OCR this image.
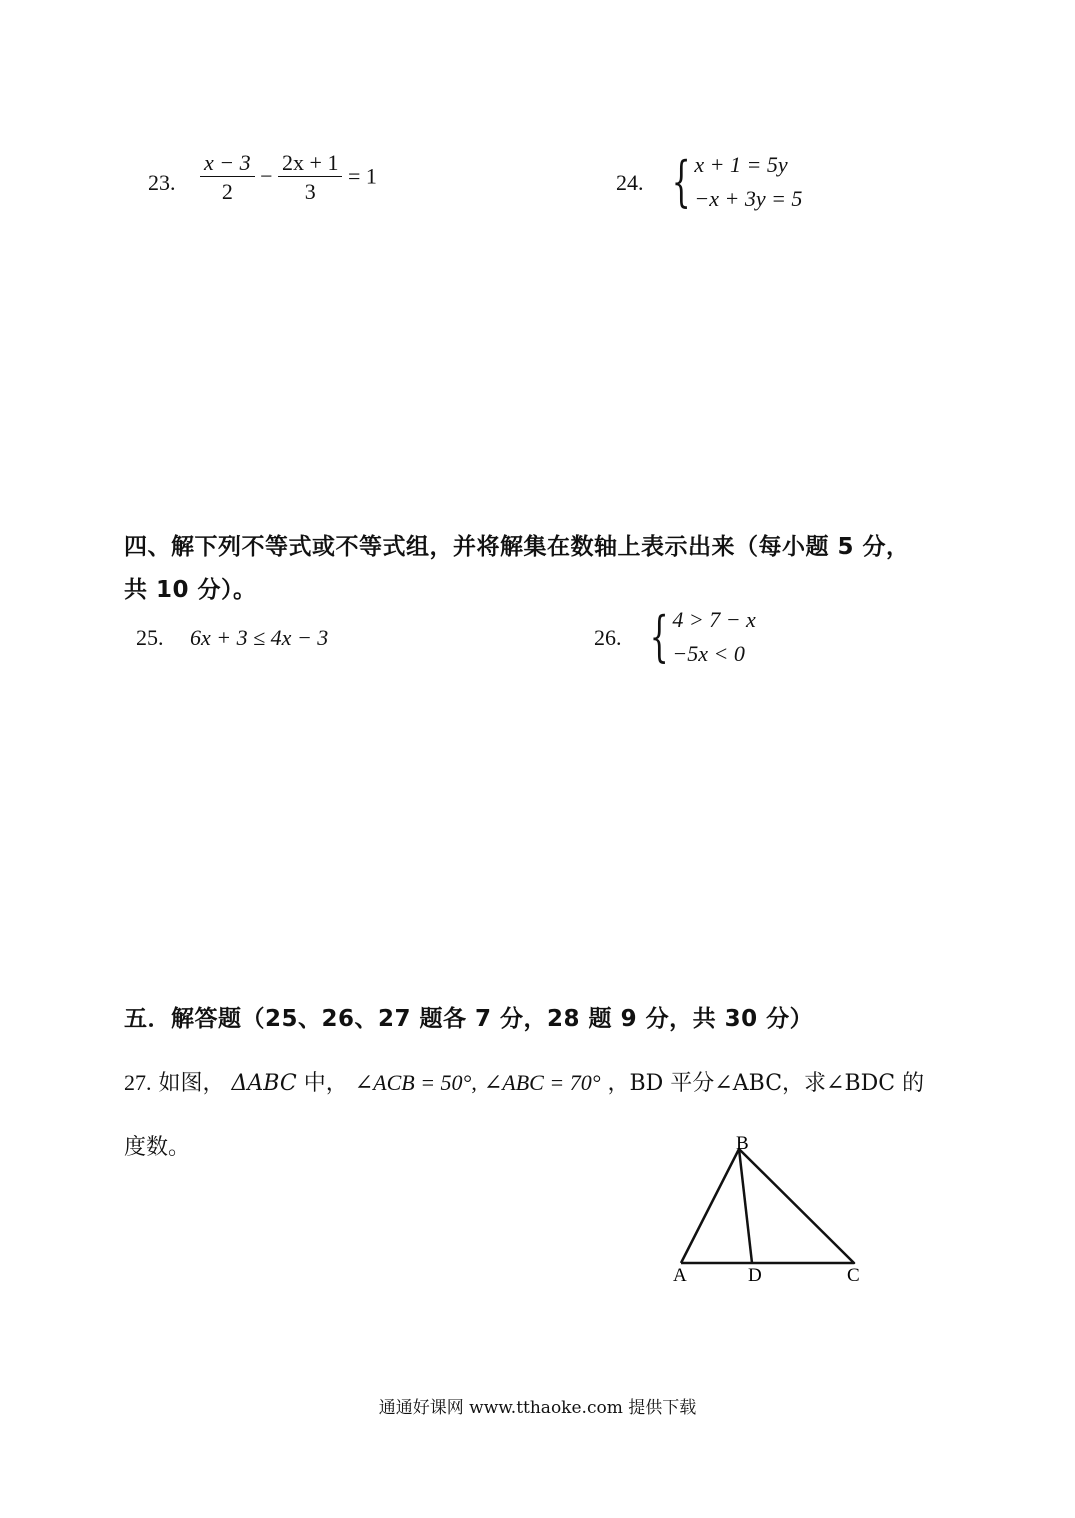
23. $\frac{x - 3}{2} - \frac{2x + 1}{3} = 1$	24. { x + 1 = 5y
−x + 3y = 5
四、解下列不等式或不等式组，并将解集在数轴上表示出来（每小题 5 分，
共 10 分）。
25. 6x + 3 ≤ 4x − 3	26. { 4 > 7 − x
−5x < 0
五．解答题（25、26、27 题各 7 分，28 题 9 分，共 30 分）
27. 如图， ΔABC 中， ∠ACB = 50°, ∠ABC = 70° ，BD 平分∠ABC，求∠BDC 的
度数。	B
A	D	C
通通好课网 www.tthaoke.com 提供下载
